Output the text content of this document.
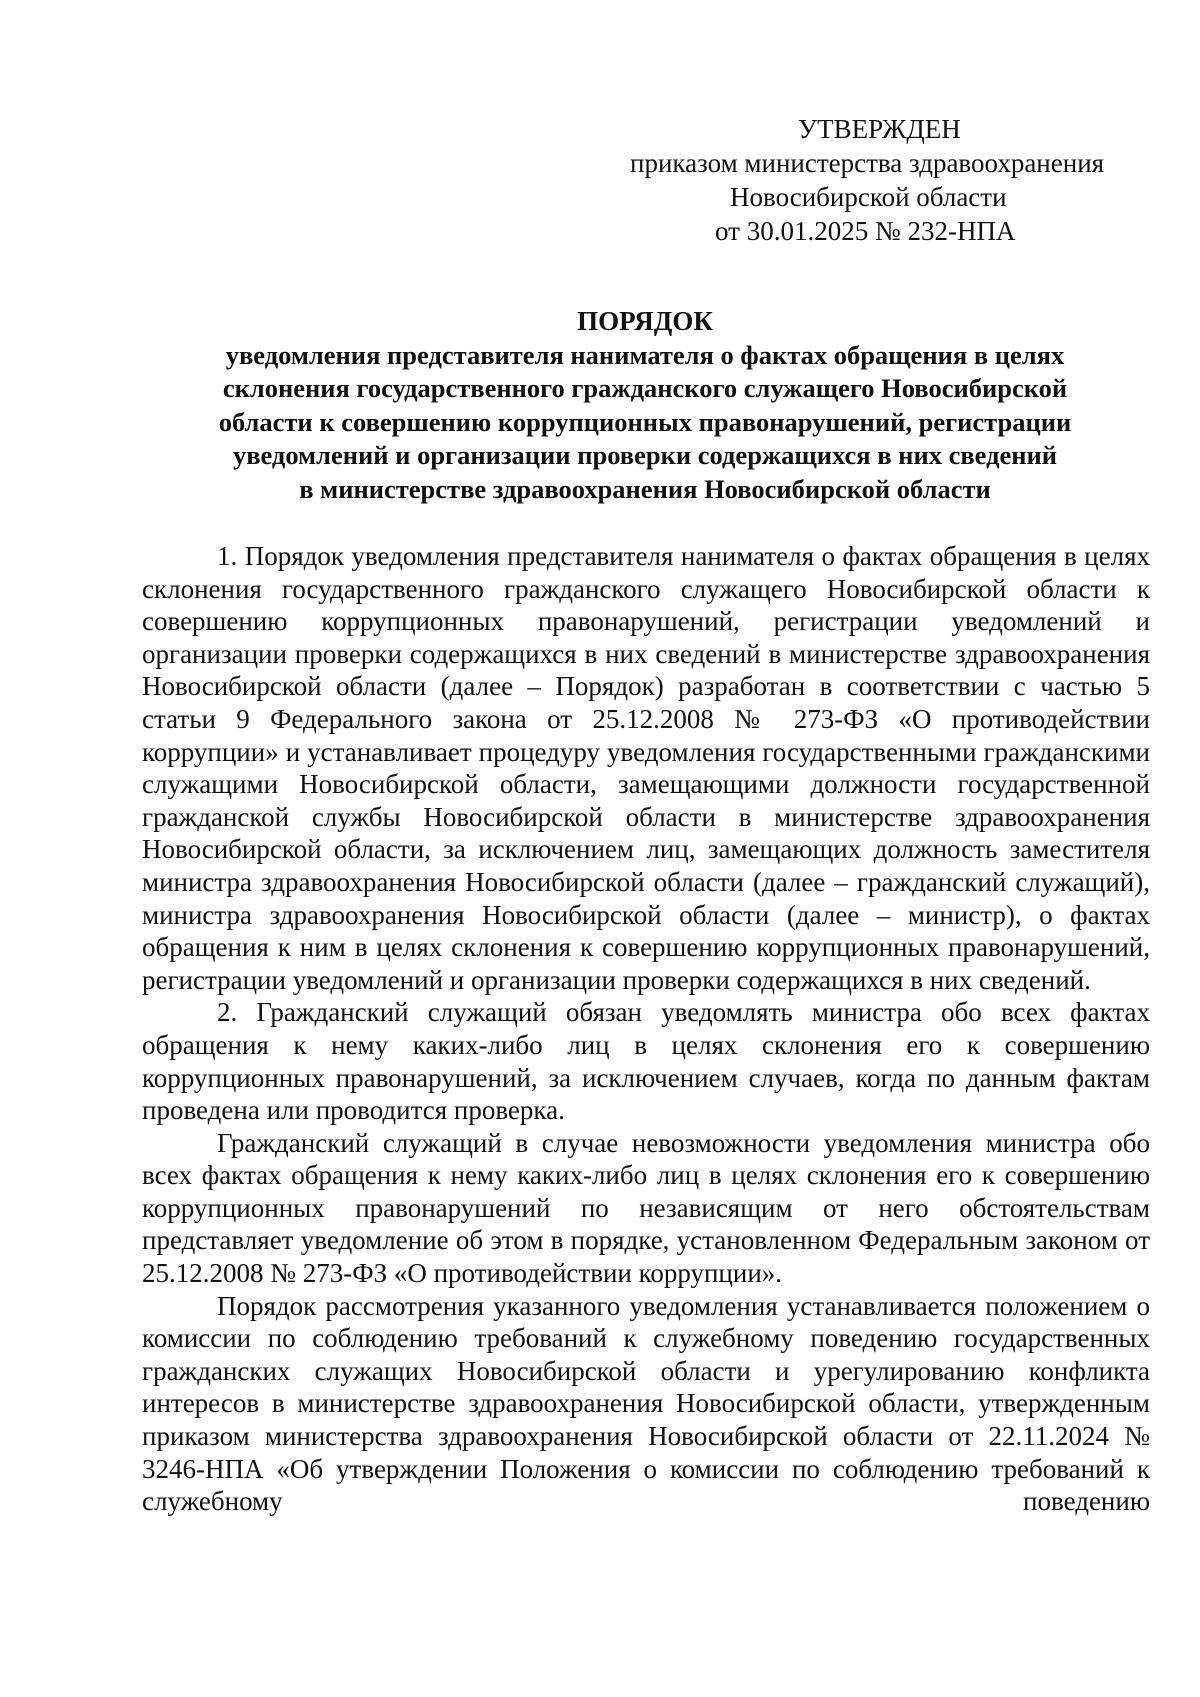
УТВЕРЖДЕН
приказом министерства здравоохранения
Новосибирской области
от 30.01.2025 № 232-НПА
ПОРЯДОК
уведомления представителя нанимателя о фактах обращения в целях
склонения государственного гражданского служащего Новосибирской
области к совершению коррупционных правонарушений, регистрации
уведомлений и организации проверки содержащихся в них сведений
в министерстве здравоохранения Новосибирской области

1. Порядок уведомления представителя нанимателя о фактах обращения в целях склонения государственного гражданского служащего Новосибирской области к совершению коррупционных правонарушений, регистрации уведомлений и организации проверки содержащихся в них сведений в министерстве здравоохранения Новосибирской области (далее – Порядок) разработан в соответствии с частью 5 статьи 9 Федерального закона от 25.12.2008 № 273-ФЗ «О противодействии коррупции» и устанавливает процедуру уведомления государственными гражданскими служащими Новосибирской области, замещающими должности государственной гражданской службы Новосибирской области в министерстве здравоохранения Новосибирской области, за исключением лиц, замещающих должность заместителя министра здравоохранения Новосибирской области (далее – гражданский служащий), министра здравоохранения Новосибирской области (далее – министр), о фактах обращения к ним в целях склонения к совершению коррупционных правонарушений, регистрации уведомлений и организации проверки содержащихся в них сведений.

2. Гражданский служащий обязан уведомлять министра обо всех фактах обращения к нему каких-либо лиц в целях склонения его к совершению коррупционных правонарушений, за исключением случаев, когда по данным фактам проведена или проводится проверка.

Гражданский служащий в случае невозможности уведомления министра обо всех фактах обращения к нему каких-либо лиц в целях склонения его к совершению коррупционных правонарушений по независящим от него обстоятельствам представляет уведомление об этом в порядке, установленном Федеральным законом от 25.12.2008 № 273-ФЗ «О противодействии коррупции».

Порядок рассмотрения указанного уведомления устанавливается положением о комиссии по соблюдению требований к служебному поведению государственных гражданских служащих Новосибирской области и урегулированию конфликта интересов в министерстве здравоохранения Новосибирской области, утвержденным приказом министерства здравоохранения Новосибирской области от 22.11.2024 № 3246-НПА «Об утверждении Положения о комиссии по соблюдению требований к служебному поведению
